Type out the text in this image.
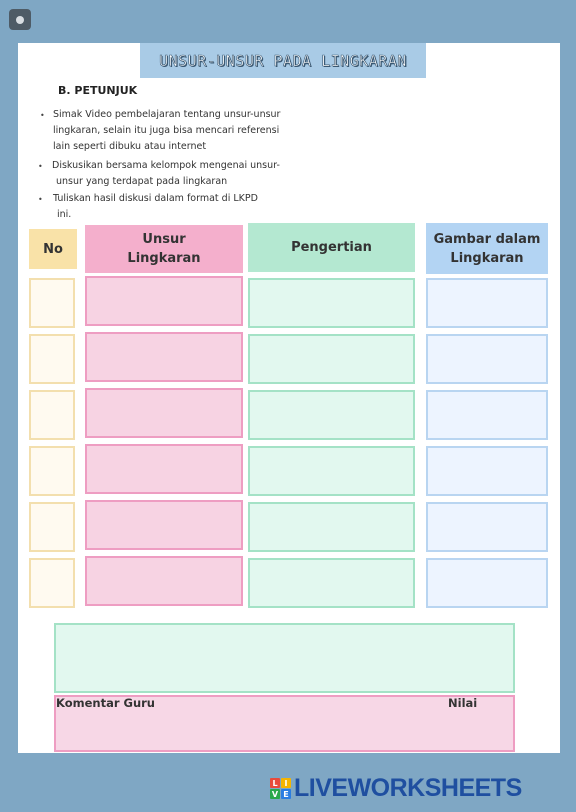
UNSUR-UNSUR PADA LINGKARAN
B. PETUNJUK
• Simak Video pembelajaran tentang unsur-unsur
lingkaran, selain itu juga bisa mencari referensi
lain seperti dibuku atau internet
• Diskusikan bersama kelompok mengenai unsur-
unsur yang terdapat pada lingkaran
• Tuliskan hasil diskusi dalam format di LKPD
ini.
No
Unsur
Lingkaran
Pengertian
Gambar dalam
Lingkaran
Komentar Guru	Nilai
L I
V E LIVEWORKSHEETS
